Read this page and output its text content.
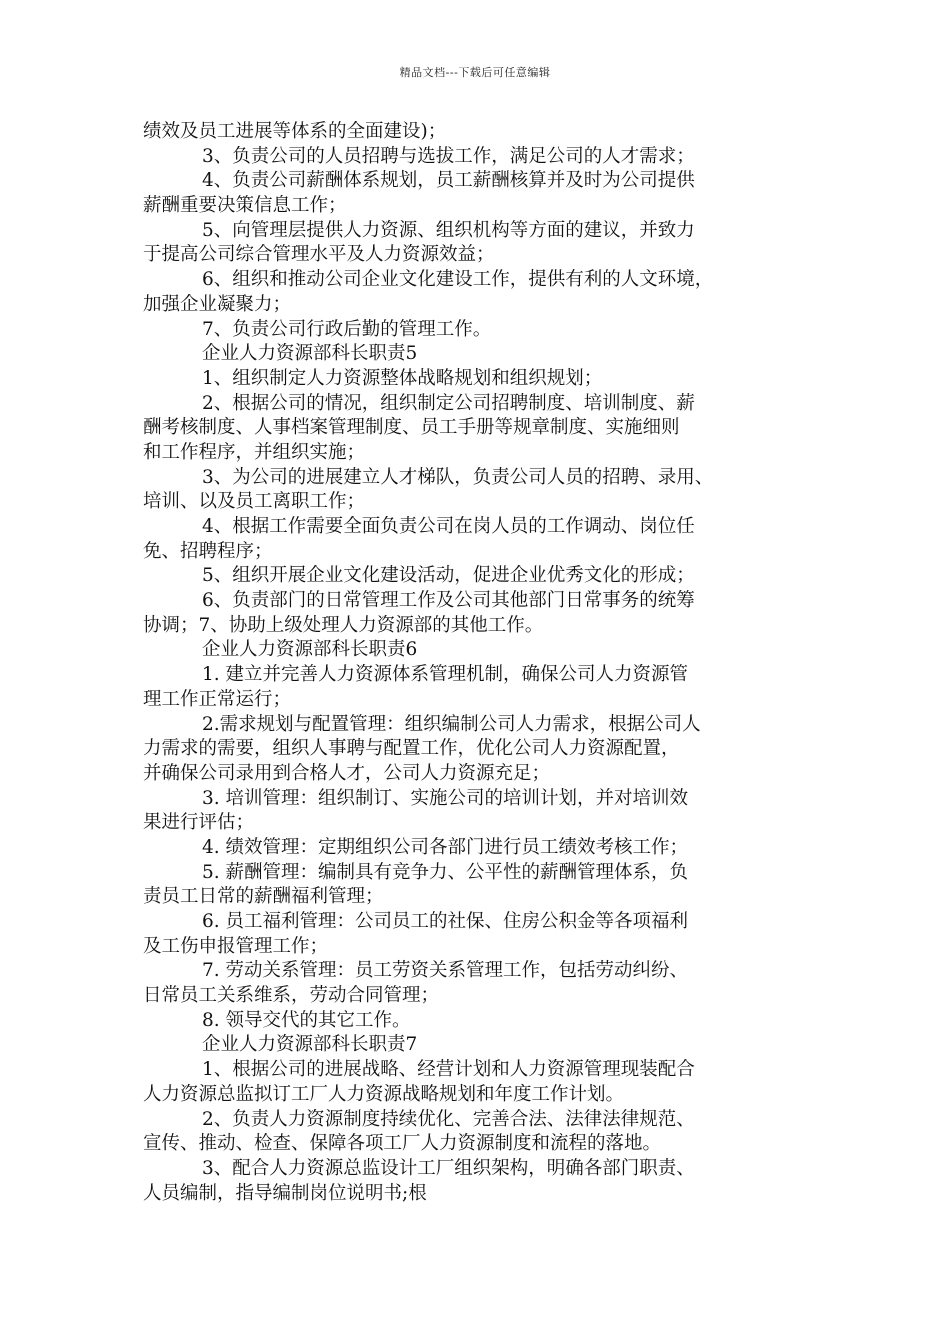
精品文档---下载后可任意编辑
绩效及员工进展等体系的全面建设)；
3、负责公司的人员招聘与选拔工作，满足公司的人才需求；
4、负责公司薪酬体系规划，员工薪酬核算并及时为公司提供
薪酬重要决策信息工作；
5、向管理层提供人力资源、组织机构等方面的建议，并致力
于提高公司综合管理水平及人力资源效益；
6、组织和推动公司企业文化建设工作，提供有利的人文环境，
加强企业凝聚力；
7、负责公司行政后勤的管理工作。
企业人力资源部科长职责5
1、组织制定人力资源整体战略规划和组织规划；
2、根据公司的情况，组织制定公司招聘制度、培训制度、薪
酬考核制度、人事档案管理制度、员工手册等规章制度、实施细则
和工作程序，并组织实施；
3、为公司的进展建立人才梯队，负责公司人员的招聘、录用、
培训、以及员工离职工作；
4、根据工作需要全面负责公司在岗人员的工作调动、岗位任
免、招聘程序；
5、组织开展企业文化建设活动，促进企业优秀文化的形成；
6、负责部门的日常管理工作及公司其他部门日常事务的统筹
协调；7、协助上级处理人力资源部的其他工作。
企业人力资源部科长职责6
1. 建立并完善人力资源体系管理机制，确保公司人力资源管
理工作正常运行；
2.需求规划与配置管理：组织编制公司人力需求，根据公司人
力需求的需要，组织人事聘与配置工作，优化公司人力资源配置，
并确保公司录用到合格人才，公司人力资源充足；
3. 培训管理：组织制订、实施公司的培训计划，并对培训效
果进行评估；
4. 绩效管理：定期组织公司各部门进行员工绩效考核工作；
5. 薪酬管理：编制具有竞争力、公平性的薪酬管理体系，负
责员工日常的薪酬福利管理；
6. 员工福利管理：公司员工的社保、住房公积金等各项福利
及工伤申报管理工作；
7. 劳动关系管理：员工劳资关系管理工作，包括劳动纠纷、
日常员工关系维系，劳动合同管理；
8. 领导交代的其它工作。
企业人力资源部科长职责7
1、根据公司的进展战略、经营计划和人力资源管理现装配合
人力资源总监拟订工厂人力资源战略规划和年度工作计划。
2、负责人力资源制度持续优化、完善合法、法律法律规范、
宣传、推动、检查、保障各项工厂人力资源制度和流程的落地。
3、配合人力资源总监设计工厂组织架构，明确各部门职责、
人员编制，指导编制岗位说明书;根
